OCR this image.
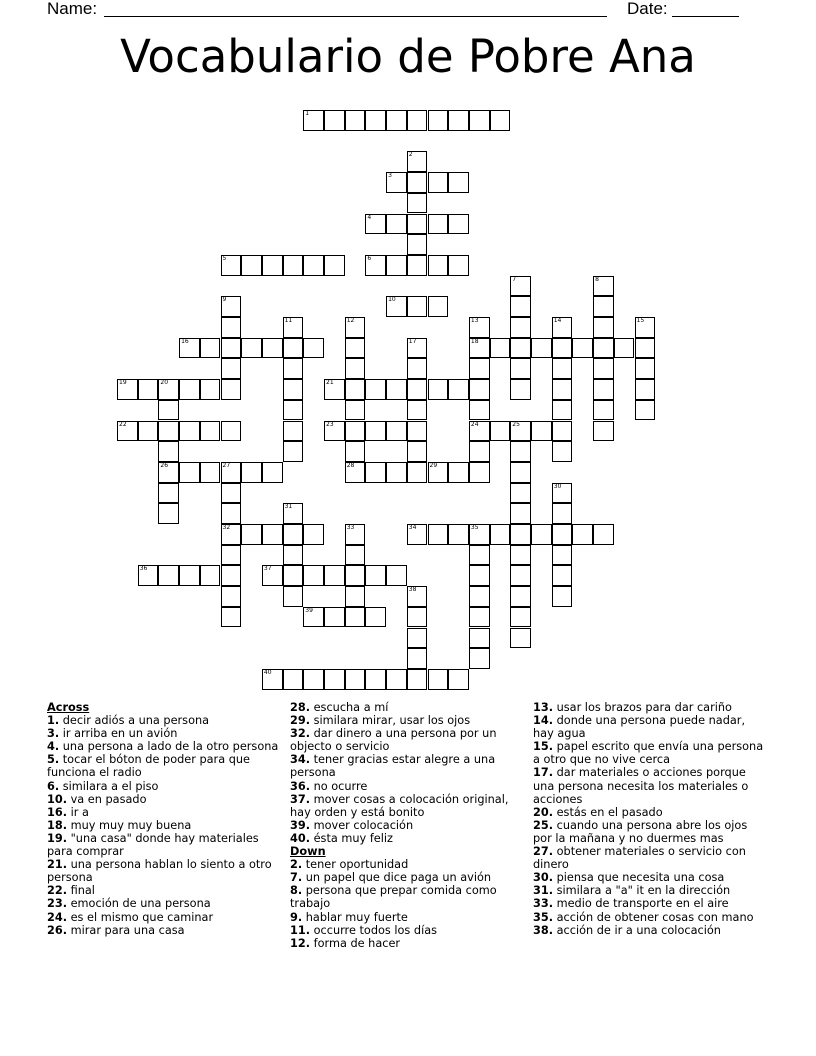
Name:	Date:
Vocabulario de Pobre Ana
1
2
3
4
5	6
7	8
9	10
11	12
28
13
18
24
14	15
16	17
19	20
26
21
22	23	25
27
32
29
30
31
33	34	35
36	37
38
39
40
Across
1. decir adiós a una persona
3. ir arriba en un avión
4. una persona a lado de la otro persona
5. tocar el bóton de poder para que funciona el radio
6. similara a el piso
10. va en pasado
16. ir a
18. muy muy muy buena
19. "una casa" donde hay materiales para comprar
21. una persona hablan lo siento a otro persona
22. final
23. emoción de una persona
24. es el mismo que caminar
26. mirar para una casa
28. escucha a mí
29. similara mirar, usar los ojos
32. dar dinero a una persona por un objecto o servicio
34. tener gracias estar alegre a una persona
36. no ocurre
37. mover cosas a colocación original, hay orden y está bonito
39. mover colocación
40. ésta muy feliz
Down
2. tener oportunidad
7. un papel que dice paga un avión
8. persona que prepar comida como trabajo
9. hablar muy fuerte
11. occurre todos los días
12. forma de hacer
13. usar los brazos para dar cariño
14. donde una persona puede nadar, hay agua
15. papel escrito que envía una persona a otro que no vive cerca
17. dar materiales o acciones porque una persona necesita los materiales o acciones
20. estás en el pasado
25. cuando una persona abre los ojos por la mañana y no duermes mas
27. obtener materiales o servicio con dinero
30. piensa que necesita una cosa
31. similara a "a" it en la dirección
33. medio de transporte en el aire
35. acción de obtener cosas con mano
38. acción de ir a una colocación
